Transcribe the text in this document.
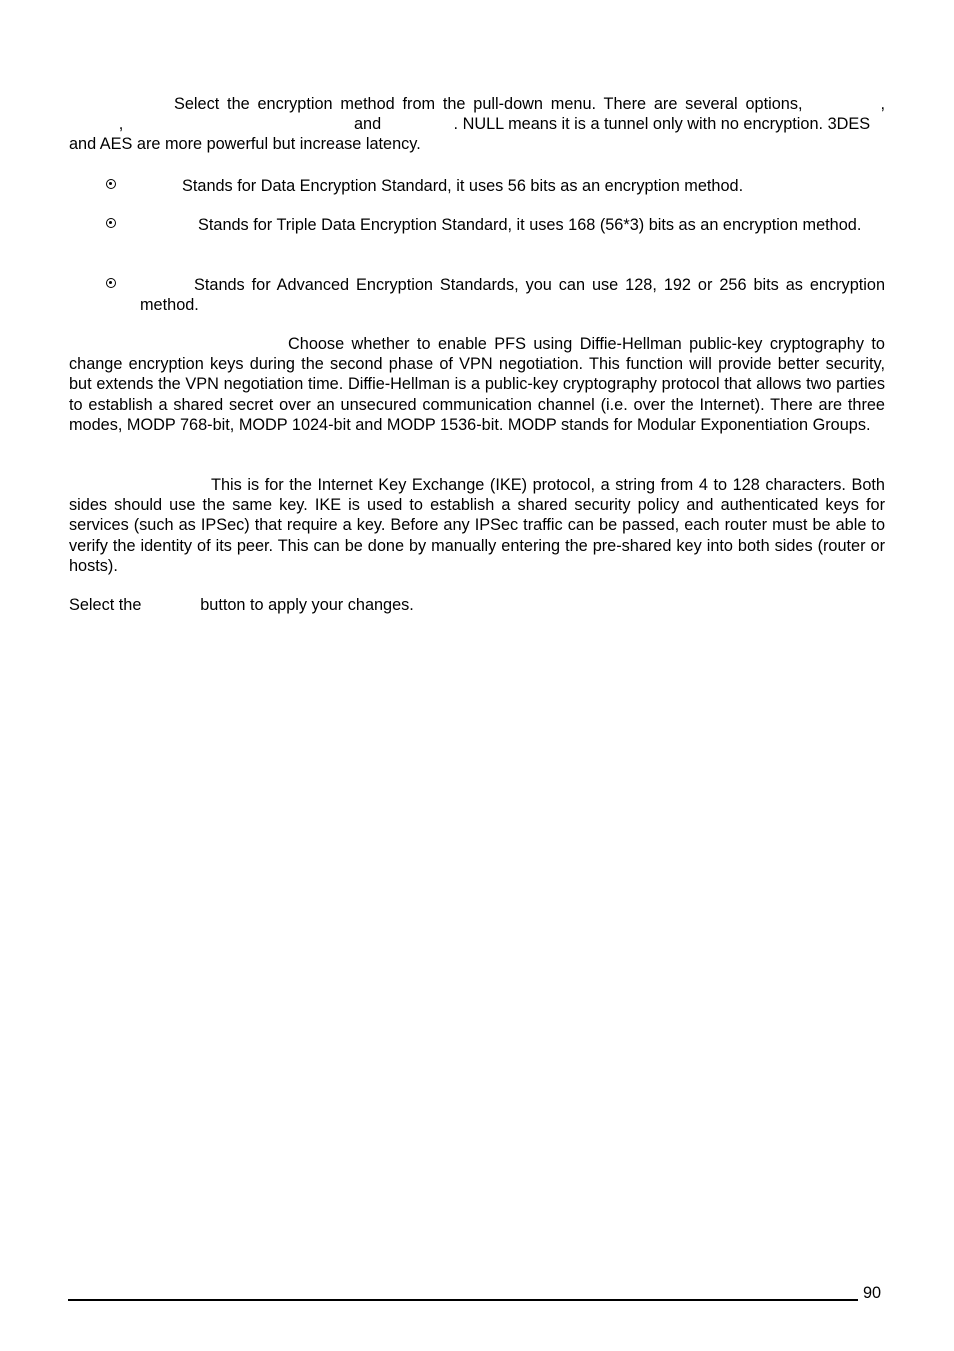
Select the encryption method from the pull-down menu. There are several options,          ,
,                                                   and                . NULL means it is a tunnel only with no encryption. 3DES
and AES are more powerful but increase latency.
Stands for Data Encryption Standard, it uses 56 bits as an encryption method.
Stands for Triple Data Encryption Standard, it uses 168 (56*3) bits as an encryption method.
Stands for Advanced Encryption Standards, you can use 128, 192 or 256 bits as encryption method.
Choose whether to enable PFS using Diffie-Hellman public-key cryptography to change encryption keys during the second phase of VPN negotiation. This function will provide better security, but extends the VPN negotiation time. Diffie-Hellman is a public-key cryptography protocol that allows two parties to establish a shared secret over an unsecured communication channel (i.e. over the Internet). There are three modes, MODP 768-bit, MODP 1024-bit and MODP 1536-bit. MODP stands for Modular Exponentiation Groups.
This is for the Internet Key Exchange (IKE) protocol, a string from 4 to 128 characters. Both sides should use the same key. IKE is used to establish a shared security policy and authenticated keys for services (such as IPSec) that require a key. Before any IPSec traffic can be passed, each router must be able to verify the identity of its peer. This can be done by manually entering the pre-shared key into both sides (router or hosts).
Select the             button to apply your changes.
90
